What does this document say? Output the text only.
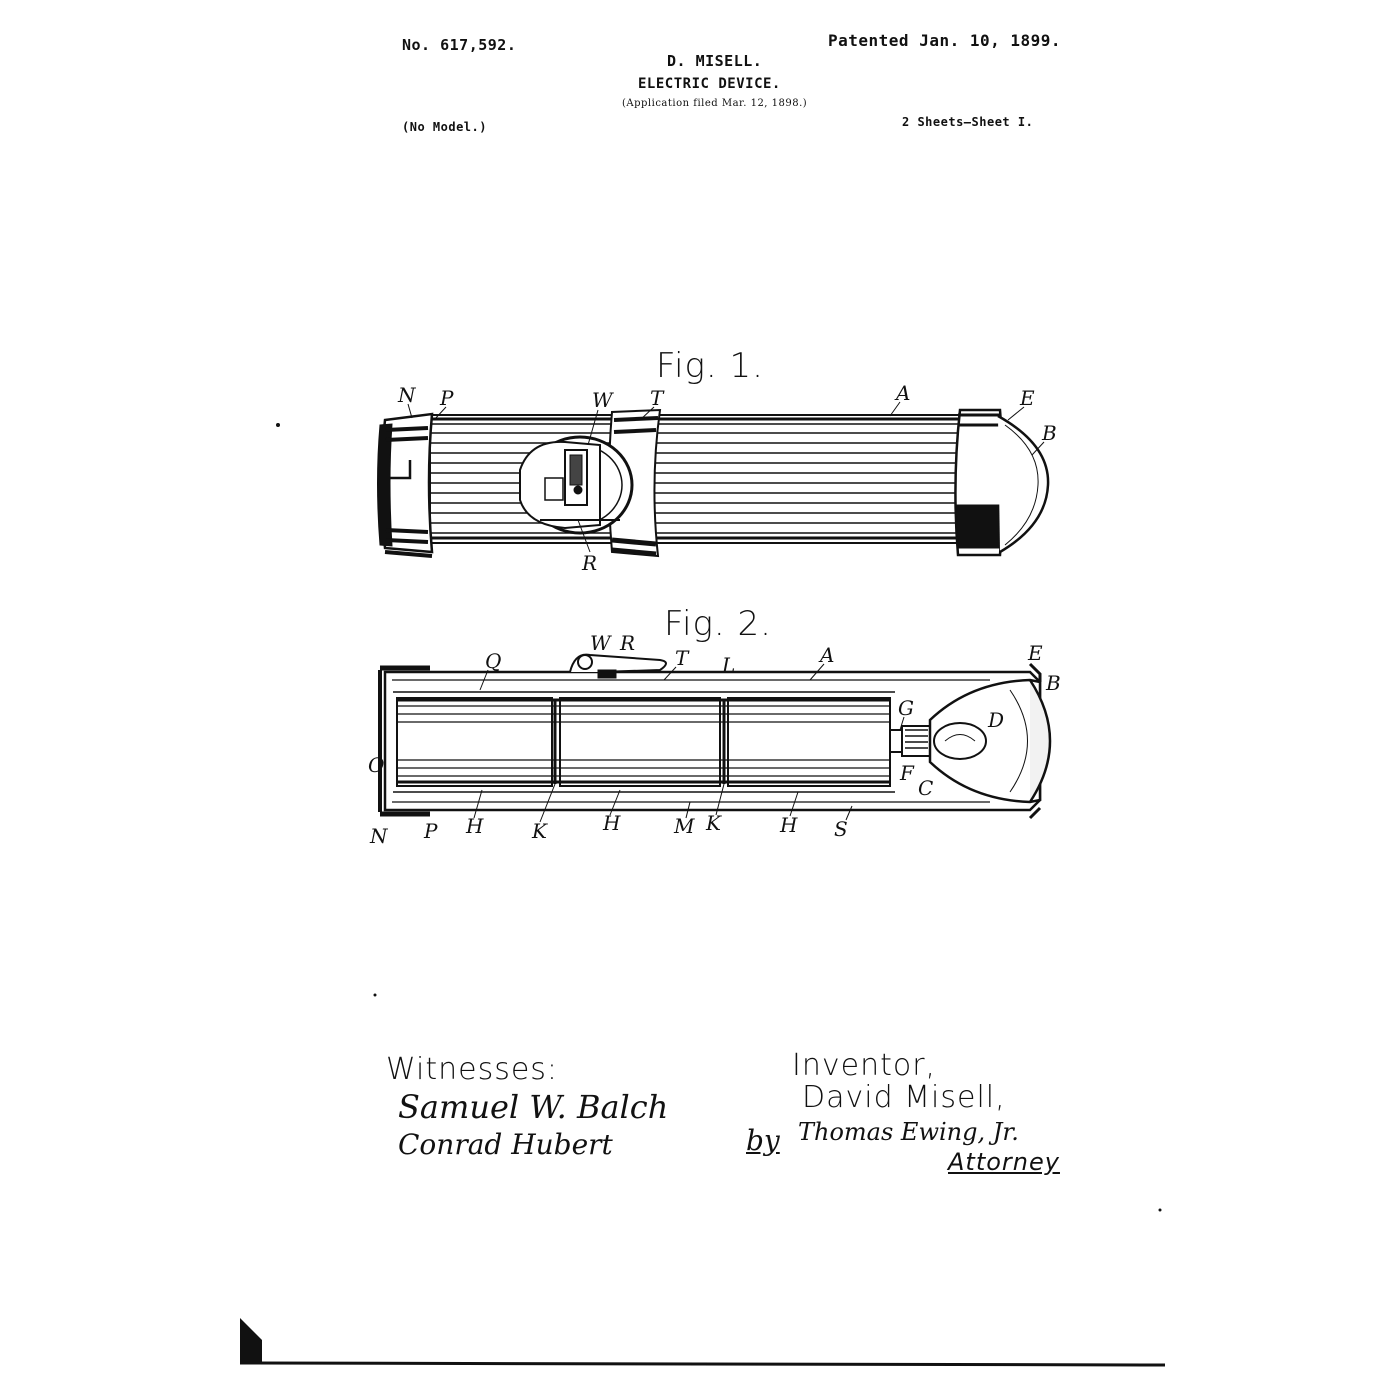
No. 617,592.	Patented Jan. 10, 1899.
D. MISELL.
ELECTRIC DEVICE.
(Application filed Mar. 12, 1898.)
(No Model.)	2 Sheets—Sheet I.
Fig. 1.
Fig. 2.
N P	W T	A	E
B
R
W R
Q	T L	A	E
B
G	D
O	F
C
N P H K	H	M K	H S
Witnesses:
Samuel W. Balch
Conrad Hubert
Inventor,
David Misell,
by Thomas Ewing, Jr.
Attorney
